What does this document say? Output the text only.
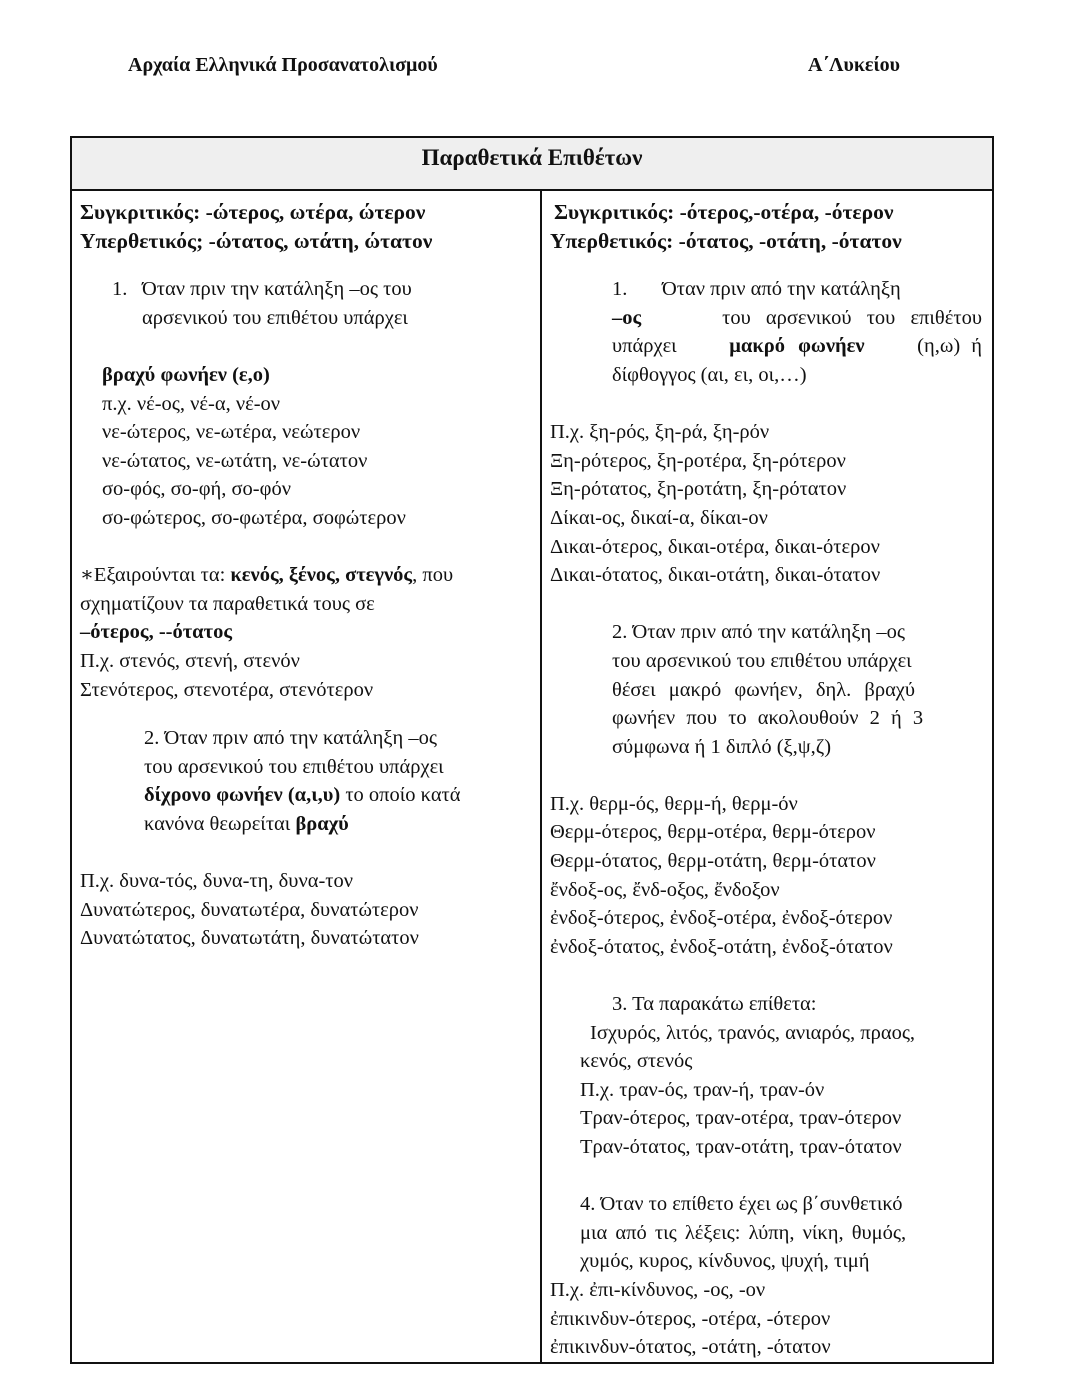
Αρχαία Ελληνικά Προσανατολισμού	Α΄Λυκείου
Παραθετικά Επιθέτων
Συγκριτικός: -ώτερος, ωτέρα, ώτερον
Υπερθετικός; -ώτατος, ωτάτη, ώτατον
1. Όταν πριν την κατάληξη –ος του
αρσενικού του επιθέτου υπάρχει
βραχύ φωνήεν (ε,ο)
π.χ. νέ-ος, νέ-α, νέ-ον
νε-ώτερος, νε-ωτέρα, νεώτερον
νε-ώτατος, νε-ωτάτη, νε-ώτατον
σο-φός, σο-φή, σο-φόν
σο-φώτερος, σο-φωτέρα, σοφώτερον
∗Εξαιρούνται τα: κενός, ξένος, στεγνός, που
σχηματίζουν τα παραθετικά τους σε
–ότερος, --ότατος
Π.χ. στενός, στενή, στενόν
Στενότερος, στενοτέρα, στενότερον
2. Όταν πριν από την κατάληξη –ος
του αρσενικού του επιθέτου υπάρχει
δίχρονο φωνήεν (α,ι,υ) το οποίο κατά
κανόνα θεωρείται βραχύ
Π.χ. δυνα-τός, δυνα-τη, δυνα-τον
Δυνατώτερος, δυνατωτέρα, δυνατώτερον
Δυνατώτατος, δυνατωτάτη, δυνατώτατον
Συγκριτικός: -ότερος,-οτέρα, -ότερον
Υπερθετικός: -ότατος, -οτάτη, -ότατον
1.	Όταν πριν από την κατάληξη
–ος	του αρσενικού του επιθέτου
υπάρχει	μακρό φωνήεν	(η,ω) ή
δίφθογγος (αι, ει, οι,…)
Π.χ. ξη-ρός, ξη-ρά, ξη-ρόν
Ξη-ρότερος, ξη-ροτέρα, ξη-ρότερον
Ξη-ρότατος, ξη-ροτάτη, ξη-ρότατον
Δίκαι-ος, δικαί-α, δίκαι-ον
Δικαι-ότερος, δικαι-οτέρα, δικαι-ότερον
Δικαι-ότατος, δικαι-οτάτη, δικαι-ότατον
2. Όταν πριν από την κατάληξη –ος
του αρσενικού του επιθέτου υπάρχει
θέσει μακρό φωνήεν, δηλ. βραχύ
φωνήεν που το ακολουθούν 2 ή 3
σύμφωνα ή 1 διπλό (ξ,ψ,ζ)
Π.χ. θερμ-ός, θερμ-ή, θερμ-όν
Θερμ-ότερος, θερμ-οτέρα, θερμ-ότερον
Θερμ-ότατος, θερμ-οτάτη, θερμ-ότατον
ἔνδοξ-ος, ἔνδ-οξος, ἔνδοξον
ἐνδοξ-ότερος, ἐνδοξ-οτέρα, ἐνδοξ-ότερον
ἐνδοξ-ότατος, ἐνδοξ-οτάτη, ἐνδοξ-ότατον
3. Τα παρακάτω επίθετα:
Ισχυρός, λιτός, τρανός, ανιαρός, πραος,
κενός, στενός
Π.χ. τραν-ός, τραν-ή, τραν-όν
Τραν-ότερος, τραν-οτέρα, τραν-ότερον
Τραν-ότατος, τραν-οτάτη, τραν-ότατον
4. Όταν το επίθετο έχει ως β΄συνθετικό
μια από τις λέξεις: λύπη, νίκη, θυμός,
χυμός, κυρος, κίνδυνος, ψυχή, τιμή
Π.χ. ἐπι-κίνδυνος, -ος, -ον
ἐπικινδυν-ότερος, -οτέρα, -ότερον
ἐπικινδυν-ότατος, -οτάτη, -ότατον
